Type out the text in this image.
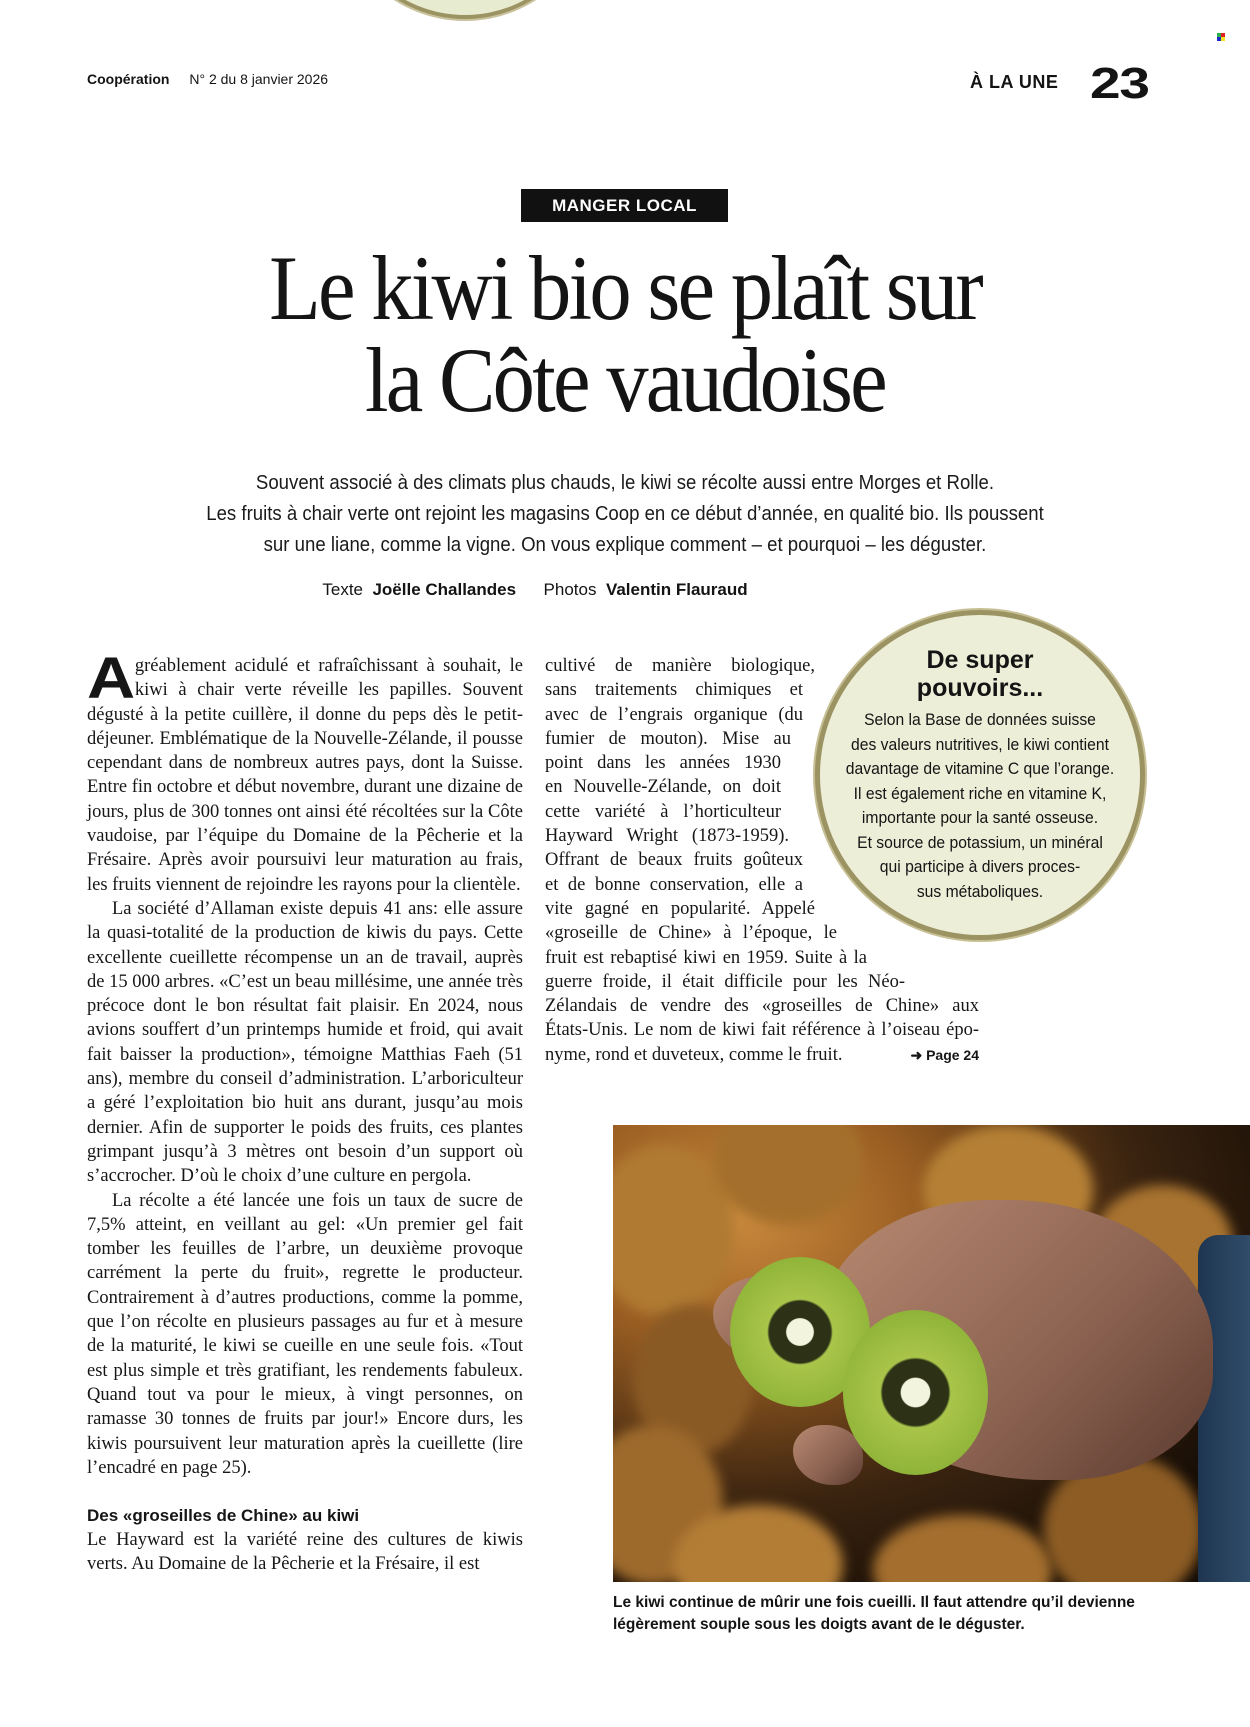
Coopération N° 2 du 8 janvier 2026	À LA UNE 23
MANGER LOCAL
Le kiwi bio se plaît sur
la Côte vaudoise
Souvent associé à des climats plus chauds, le kiwi se récolte aussi entre Morges et Rolle.
Les fruits à chair verte ont rejoint les magasins Coop en ce début d’année, en qualité bio. Ils poussent
sur une liane, comme la vigne. On vous explique comment – et pourquoi – les déguster.
Texte Joëlle Challandes Photos Valentin Flauraud

A gréablement acidulé et rafraîchissant à souhait, le kiwi à chair verte réveille les papilles. Souvent dégusté à la petite cuillère, il donne du peps dès le petit-déjeuner. Emblématique de la Nouvelle-Zélande, il pousse cependant dans de nombreux autres pays, dont la Suisse. Entre fin octobre et début novembre, durant une dizaine de jours, plus de 300 tonnes ont ainsi été récoltées sur la Côte vaudoise, par l’équipe du Domaine de la Pêcherie et la Frésaire. Après avoir poursuivi leur maturation au frais, les fruits viennent de rejoindre les rayons pour la clientèle.

La société d’Allaman existe depuis 41 ans: elle assure la quasi-totalité de la production de kiwis du pays. Cette excellente cueillette récompense un an de travail, auprès de 15 000 arbres. «C’est un beau millésime, une année très précoce dont le bon résultat fait plaisir. En 2024, nous avions souffert d’un printemps humide et froid, qui avait fait baisser la production», témoigne Matthias Faeh (51 ans), membre du conseil d’administration. L’arboriculteur a géré l’exploitation bio huit ans durant, jusqu’au mois dernier. Afin de supporter le poids des fruits, ces plantes grimpant jusqu’à 3 mètres ont besoin d’un support où s’accrocher. D’où le choix d’une culture en pergola.

La récolte a été lancée une fois un taux de sucre de 7,5% atteint, en veillant au gel: «Un premier gel fait tomber les feuilles de l’arbre, un deuxième provoque carrément la perte du fruit», regrette le producteur. Contrairement à d’autres productions, comme la pomme, que l’on récolte en plusieurs passages au fur et à mesure de la maturité, le kiwi se cueille en une seule fois. «Tout est plus simple et très gratifiant, les rendements fabuleux. Quand tout va pour le mieux, à vingt personnes, on ramasse 30 tonnes de fruits par jour!» Encore durs, les kiwis poursuivent leur maturation après la cueillette (lire l’encadré en page 25).

Des «groseilles de Chine» au kiwi

Le Hayward est la variété reine des cultures de kiwis verts. Au Domaine de la Pêcherie et la Frésaire, il est

cultivé de manière biologique,
sans traitements chimiques et
avec de l’engrais organique (du
fumier de mouton). Mise au
point dans les années 1930
en Nouvelle-Zélande, on doit
cette variété à l’horticulteur
Hayward Wright (1873-1959).
Offrant de beaux fruits goûteux
et de bonne conservation, elle a
vite gagné en popularité. Appelé
«groseille de Chine» à l’époque, le
fruit est rebaptisé kiwi en 1959. Suite à la
guerre froide, il était difficile pour les Néo-
Zélandais de vendre des «groseilles de Chine» aux
États-Unis. Le nom de kiwi fait référence à l’oiseau épo-
nyme, rond et duveteux, comme le fruit.	➜ Page 24
De super
pouvoirs...
Selon la Base de données suisse
des valeurs nutritives, le kiwi contient
davantage de vitamine C que l’orange.
Il est également riche en vitamine K,
importante pour la santé osseuse.
Et source de potassium, un minéral
qui participe à divers proces-
sus métaboliques.
Le kiwi continue de mûrir une fois cueilli. Il faut attendre qu’il devienne
légèrement souple sous les doigts avant de le déguster.
